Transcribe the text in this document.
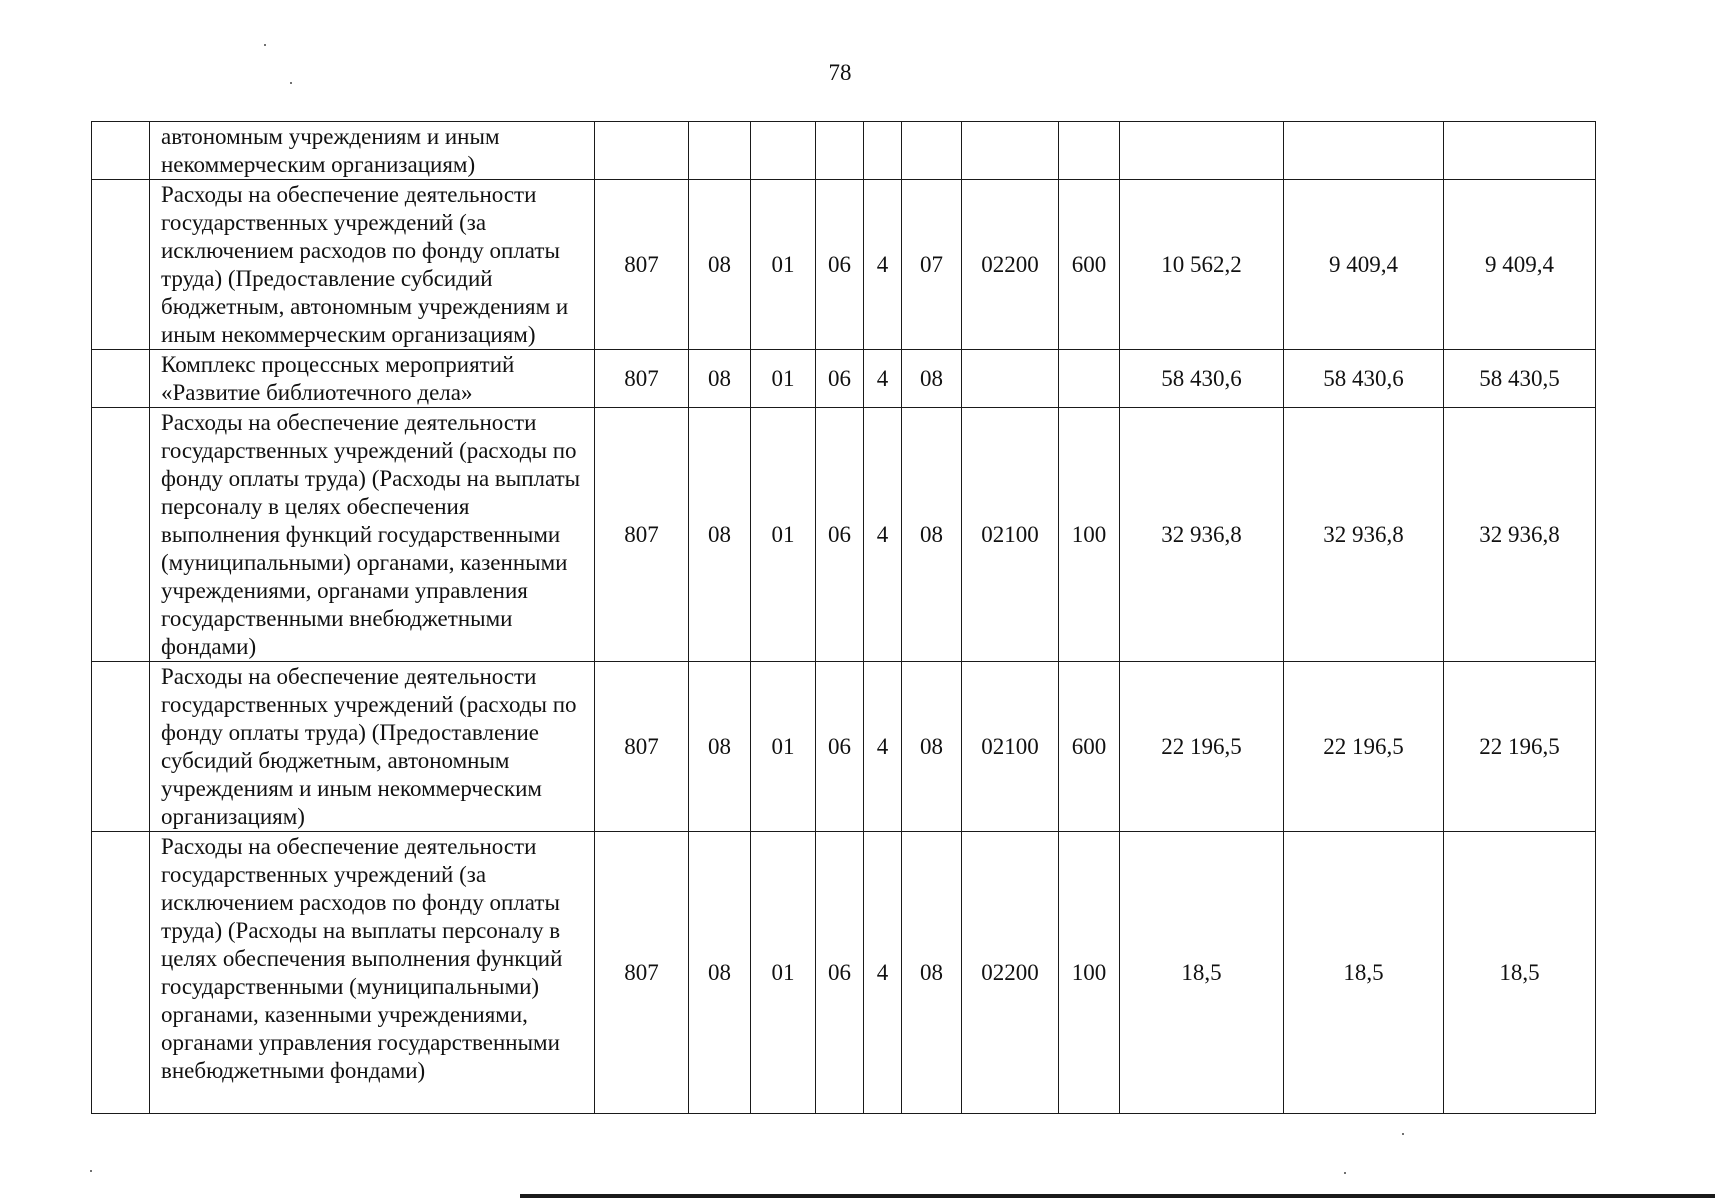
78
	автономным учреждениям и иным некоммерческим организациям)											
	Расходы на обеспечение деятельности государственных учреждений (за исключением расходов по фонду оплаты труда) (Предоставление субсидий бюджетным, автономным учреждениям и иным некоммерческим организациям)	807	08	01	06	4	07	02200	600	10 562,2	9 409,4	9 409,4
	Комплекс процессных мероприятий «Развитие библиотечного дела»	807	08	01	06	4	08			58 430,6	58 430,6	58 430,5
	Расходы на обеспечение деятельности государственных учреждений (расходы по фонду оплаты труда) (Расходы на выплаты персоналу в целях обеспечения выполнения функций государственными (муниципальными) органами, казенными учреждениями, органами управления государственными внебюджетными фондами)	807	08	01	06	4	08	02100	100	32 936,8	32 936,8	32 936,8
	Расходы на обеспечение деятельности государственных учреждений (расходы по фонду оплаты труда) (Предоставление субсидий бюджетным, автономным учреждениям и иным некоммерческим организациям)	807	08	01	06	4	08	02100	600	22 196,5	22 196,5	22 196,5
	Расходы на обеспечение деятельности государственных учреждений (за исключением расходов по фонду оплаты труда) (Расходы на выплаты персоналу в целях обеспечения выполнения функций государственными (муниципальными) органами, казенными учреждениями, органами управления государственными внебюджетными фондами)	807	08	01	06	4	08	02200	100	18,5	18,5	18,5
